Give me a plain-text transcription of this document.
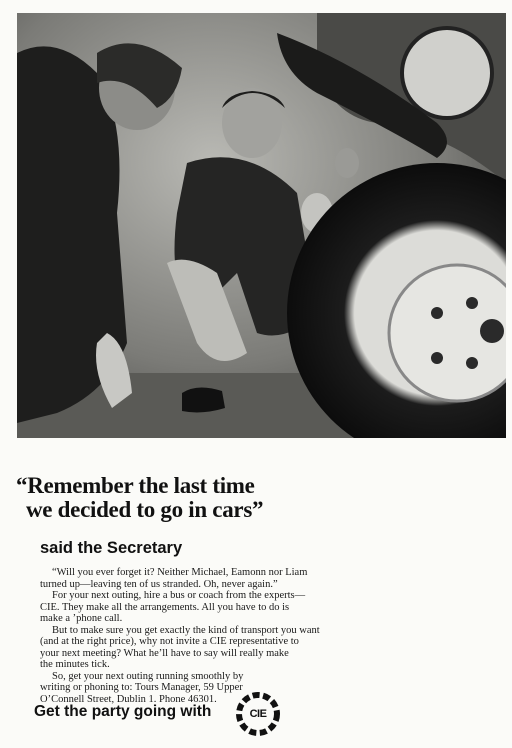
“Remember the last time
we decided to go in cars”
said the Secretary

“Will you ever forget it? Neither Michael, Eamonn nor Liam
turned up—leaving ten of us stranded. Oh, never again.”

For your next outing, hire a bus or coach from the experts—
CIE. They make all the arrangements. All you have to do is
make a ’phone call.

But to make sure you get exactly the kind of transport you want
(and at the right price), why not invite a CIE representative to
your next meeting? What he’ll have to say will really make
the minutes tick.

So, get your next outing running smoothly by
writing or phoning to: Tours Manager, 59 Upper
O’Connell Street, Dublin 1. Phone 46301.

Get the party going with	CIE
